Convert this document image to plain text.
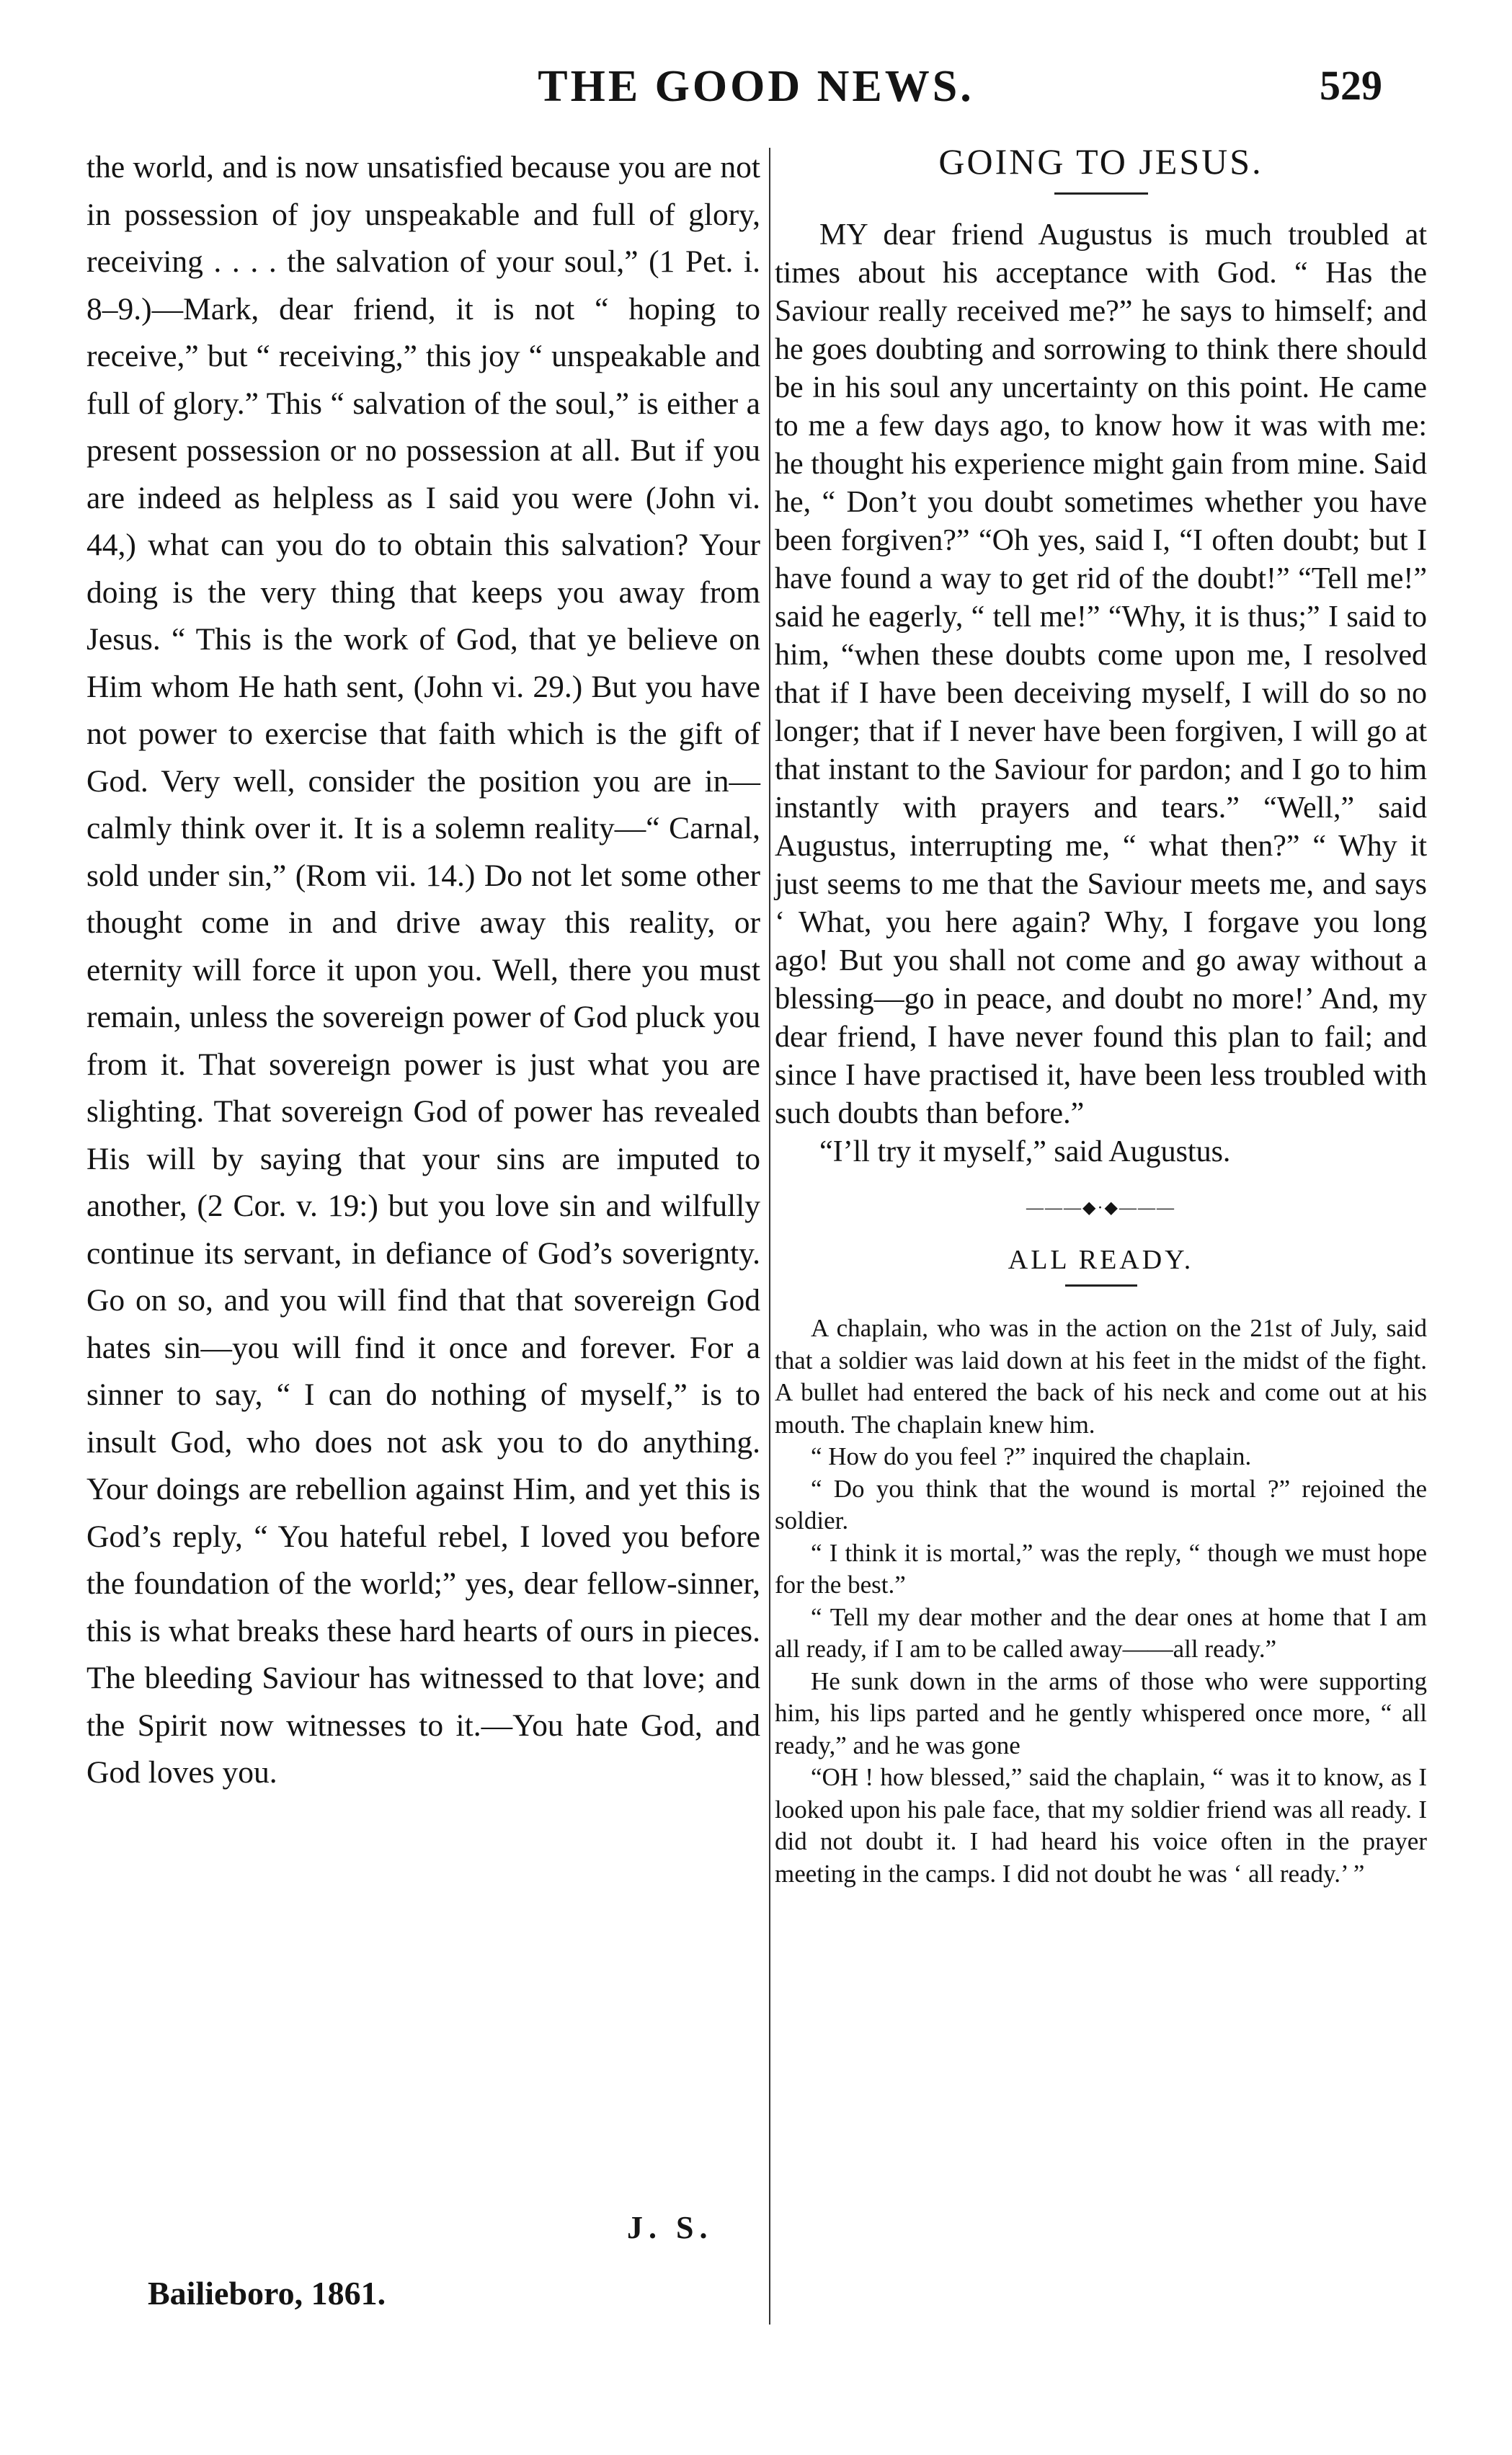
THE GOOD NEWS.	529

the world, and is now unsatisfied because you are not in possession of joy unspeakable and full of glory, receiving . . . . the salvation of your soul,” (1 Pet. i. 8–9.)—Mark, dear friend, it is not “ hoping to receive,” but “ receiving,” this joy “ unspeakable and full of glory.” This “ salvation of the soul,” is either a present possession or no possession at all. But if you are indeed as helpless as I said you were (John vi. 44,) what can you do to obtain this salvation? Your doing is the very thing that keeps you away from Jesus. “ This is the work of God, that ye believe on Him whom He hath sent, (John vi. 29.) But you have not power to exercise that faith which is the gift of God. Very well, consider the position you are in—calmly think over it. It is a solemn reality—“ Carnal, sold under sin,” (Rom vii. 14.) Do not let some other thought come in and drive away this reality, or eternity will force it upon you. Well, there you must remain, unless the sovereign power of God pluck you from it. That sovereign power is just what you are slighting. That sovereign God of power has revealed His will by saying that your sins are imputed to another, (2 Cor. v. 19:) but you love sin and wilfully continue its servant, in defiance of God’s soverignty. Go on so, and you will find that that sovereign God hates sin—you will find it once and forever. For a sinner to say, “ I can do nothing of myself,” is to insult God, who does not ask you to do anything. Your doings are rebellion against Him, and yet this is God’s reply, “ You hateful rebel, I loved you before the foundation of the world;” yes, dear fellow-sinner, this is what breaks these hard hearts of ours in pieces. The bleeding Saviour has witnessed to that love; and the Spirit now witnesses to it.—You hate God, and God loves you.

J. S.
Bailieboro, 1861.
GOING TO JESUS.

MY dear friend Augustus is much troubled at times about his acceptance with God. “ Has the Saviour really received me?” he says to himself; and he goes doubting and sorrowing to think there should be in his soul any uncertainty on this point. He came to me a few days ago, to know how it was with me: he thought his experience might gain from mine. Said he, “ Don’t you doubt sometimes whether you have been forgiven?” “Oh yes, said I, “I often doubt; but I have found a way to get rid of the doubt!” “Tell me!” said he eagerly, “ tell me!” “Why, it is thus;” I said to him, “when these doubts come upon me, I resolved that if I have been deceiving myself, I will do so no longer; that if I never have been forgiven, I will go at that instant to the Saviour for pardon; and I go to him instantly with prayers and tears.” “Well,” said Augustus, interrupting me, “ what then?” “ Why it just seems to me that the Saviour meets me, and says ‘ What, you here again? Why, I forgave you long ago! But you shall not come and go away without a blessing—go in peace, and doubt no more!’ And, my dear friend, I have never found this plan to fail; and since I have practised it, have been less troubled with such doubts than before.”

“I’ll try it myself,” said Augustus.

———◆·◆———
ALL READY.

A chaplain, who was in the action on the 21st of July, said that a soldier was laid down at his feet in the midst of the fight. A bullet had entered the back of his neck and come out at his mouth. The chaplain knew him.

“ How do you feel ?” inquired the chaplain.

“ Do you think that the wound is mortal ?” rejoined the soldier.

“ I think it is mortal,” was the reply, “ though we must hope for the best.”

“ Tell my dear mother and the dear ones at home that I am all ready, if I am to be called away——all ready.”

He sunk down in the arms of those who were supporting him, his lips parted and he gently whispered once more, “ all ready,” and he was gone

“OH ! how blessed,” said the chaplain, “ was it to know, as I looked upon his pale face, that my soldier friend was all ready. I did not doubt it. I had heard his voice often in the prayer meeting in the camps. I did not doubt he was ‘ all ready.’ ”
